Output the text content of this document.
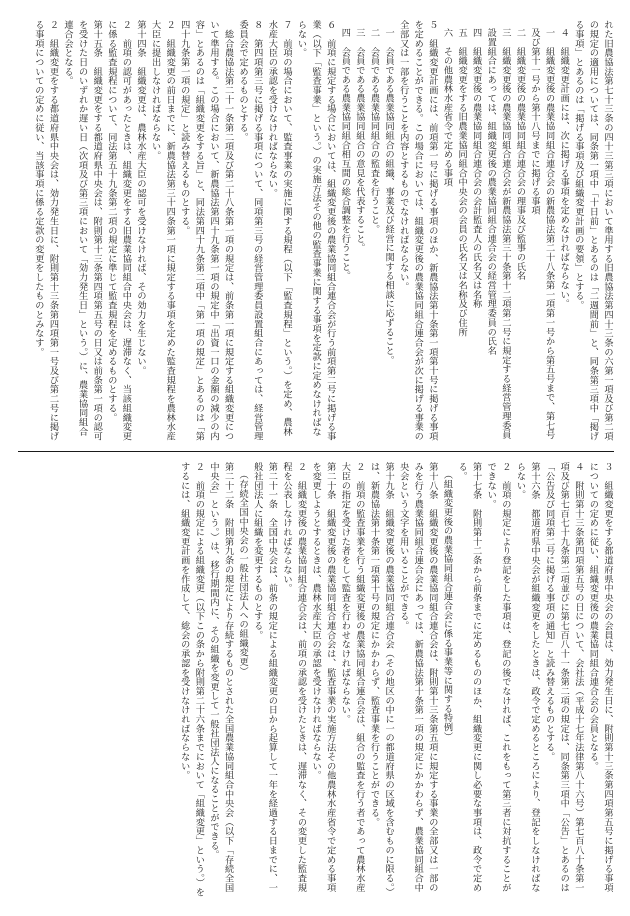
れた旧農協法第七十三条の四十三第三項において準用する旧農協法第四十三条の六第一項及び第二項の規定の適用については、同条第一項中「十日前」とあるのは「二週間前」と、同条第三項中「掲げる事項」とあるのは「掲げる事項及び組織変更計画の要領」とする。
４　組織変更計画には、次に掲げる事項を定めなければならない。
一　組織変更後の農業協同組合連合会の新農協法第二十八条第一項第一号から第五号まで、第七号及び第十一号から第十八号までに掲げる事項
二　組織変更後の農業協同組合連合会の理事及び監事の氏名
三　組織変更後の農業協同組合連合会が新農協法第三十条第十二項第二号に規定する経営管理委員設置組合にあっては、組織変更後の農業協同組合連合会の経営管理委員の氏名
四　組織変更後の農業協同組合連合会の会計監査人の氏名又は名称
五　組織変更をする旧農業協同組合中央会の会員の氏名又は名称及び住所
六　その他農林水産省令で定める事項
５　組織変更計画には、前項第一号に掲げる事項のほか、新農協法第十条第一項第十号に掲げる事項を定めることができる。この場合においては、組織変更後の農業協同組合連合会が次に掲げる事業の全部又は一部を行うことを内容とするものでなければならない。
一　会員である農業協同組合の組織、事業及び経営に関する相談に応ずること。
二　会員である農業協同組合の監査を行うこと。
三　会員である農業協同組合の意見を代表すること。
四　会員である農業協同組合相互間の総合調整を行うこと。
６　前項に規定する場合においては、組織変更後の農業協同組合連合会が行う前項第二号に掲げる事業（以下「監査事業」という。）の実施方法その他の監査事業に関する事項を定款に定めなければならない。
７　前項の場合において、監査事業の実施に関する規程（以下「監査規程」という。）を定め、農林水産大臣の承認を受けなければならない。
８　第四項第三号に掲げる事項について、同項第三号の経営管理委員設置組合にあっては、経営管理委員会で定めるものとする。
　総合農協法第二十一条第二項及び第二十八条第一項の規定は、前条第一項に規定する組織変更について準用する。この場合において、新農協法第四十九条第一項の規定中「出資一口の金額の減少の内容」とあるのは「組織変更をする旨」と、同法第四十九条第二項中「第一項の規定」とあるのは「第四十九条第一項の規定」と読み替えるものとする。
２　組織変更の前日までに、新農協法第三十四条第一項に規定する事項を定めた監査規程を農林水産大臣に提出しなければならない。
第十四条　組織変更は、農林水産大臣の認可を受けなければ、その効力を生じない。
２　前項の認可があったときは、組織変更をする旧農業協同組合中央会は、遅滞なく、当該組織変更に係る監査規程について、同法第五十九条第二項の規定に準じて監査規程を定めるものとする。
第十五条　組織変更をする都道府県中央会は、附則第十三条第四項第五号の日又は前条第一項の認可を受けた日のいずれか遅い日（次項及び第三項において「効力発生日」という。）に、農業協同組合連合会となる。
２　組織変更をする都道府県中央会は、効力発生日に、附則第十三条第四項第一号及び第二号に掲げる事項についての定めに従い、当該事項に係る定款の変更をしたものとみなす。
３　組織変更をする都道府県中央会の会員は、効力発生日に、附則第十三条第四項第五号に掲げる事項についての定めに従い、組織変更後の農業協同組合連合会の会員となる。
４　附則第十三条第四項第五号の日について、会社法（平成十七年法律第八十六号）第七百八十条第一項及び第七百七十九条第二項並びに第七百八十一条第二項の規定は、同条第三項中「公告」とあるのは「公告及び同項第二号に掲げる事項の通知」と読み替えるものとする。
第十六条　都道府県中央会が組織変更をしたときは、政令で定めるところにより、登記をしなければならない。
２　前項の規定により登記をした事項は、登記の後でなければ、これをもって第三者に対抗することができない。
第十七条　附則第十二条から前条までに定めるもののほか、組織変更に関し必要な事項は、政令で定める。
（組織変更後の農業協同組合連合会に係る事業等に関する特例）
第十八条　組織変更後の農業協同組合連合会は、附則第十三条第五項に規定する事業の全部又は一部のみを行う農業協同組合連合会にあっては、新農協法第十条第一項の規定にかかわらず、農業協同組合中央会という文字を用いることができる。
第十九条　組織変更後の農業協同組合連合会（その地区の中に一の都道府県の区域を含むものに限る。）は、新農協法第十条第一項第十号の規定にかかわらず、監査事業を行うことができる。
２　前項の監査事業を行う組織変更後の農業協同組合連合会は、組合の監査を行う者であって農林水産大臣の指定を受けた者をして監査を行わせなければならない。
第二十条　組織変更後の農業協同組合連合会は、監査事業の実施方法その他農林水産省令で定める事項を変更しようとするときは、農林水産大臣の承認を受けなければならない。
２　組織変更後の農業協同組合連合会は、前項の承認を受けたときは、遅滞なく、その変更した監査規程を公表しなければならない。
第二十一条　全国中央会は、前条の規定による組織変更の日から起算して一年を経過する日までに、一般社団法人に組織を変更するものとする。
（存続全国中央会の一般社団法人への組織変更）
第二十二条　附則第九条の規定により存続するものとされた全国農業協同組合中央会（以下「存続全国中央会」という。）は、移行期間内に、その組織を変更して一般社団法人になることができる。
２　前項の規定による組織変更（以下この条から附則第二十六条までにおいて「組織変更」という。）をするには、組織変更計画を作成して、総会の承認を受けなければならない。
